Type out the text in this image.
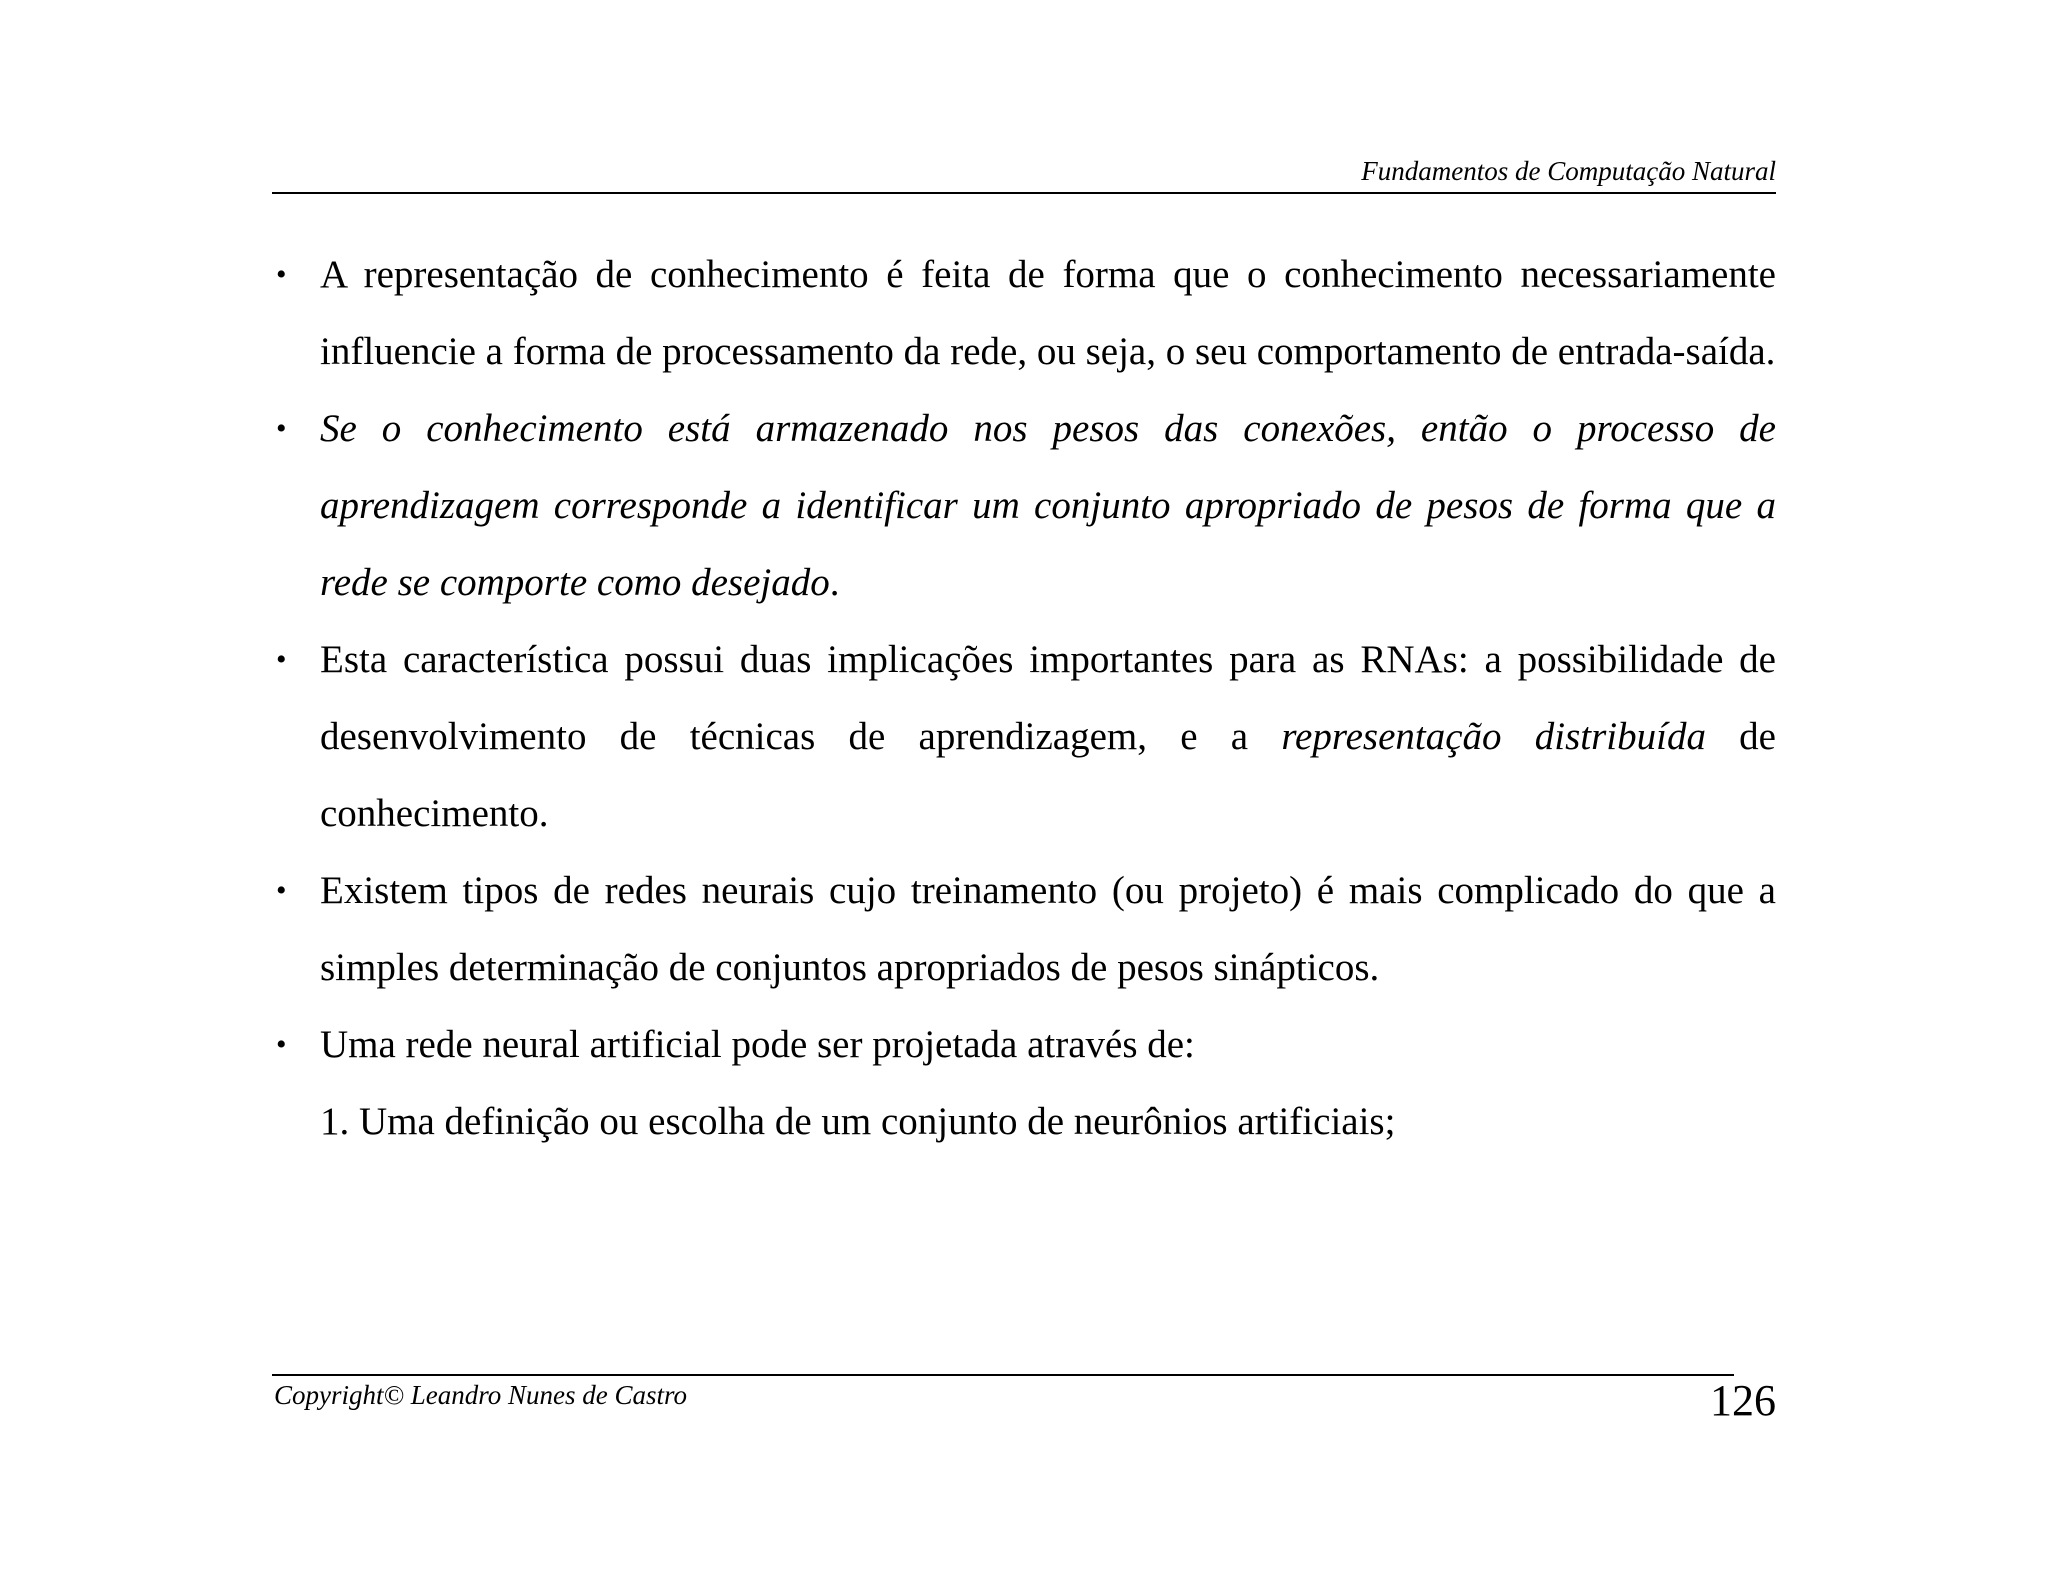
Fundamentos de Computação Natural
• A representação de conhecimento é feita de forma que o conhecimento necessariamente influencie a forma de processamento da rede, ou seja, o seu comportamento de entrada-saída.
• Se o conhecimento está armazenado nos pesos das conexões, então o processo de aprendizagem corresponde a identificar um conjunto apropriado de pesos de forma que a rede se comporte como desejado.
• Esta característica possui duas implicações importantes para as RNAs: a possibilidade de desenvolvimento de técnicas de aprendizagem, e a representação distribuída de conhecimento.
• Existem tipos de redes neurais cujo treinamento (ou projeto) é mais complicado do que a simples determinação de conjuntos apropriados de pesos sinápticos.
• Uma rede neural artificial pode ser projetada através de:
1. Uma definição ou escolha de um conjunto de neurônios artificiais;
Copyright© Leandro Nunes de Castro	126
